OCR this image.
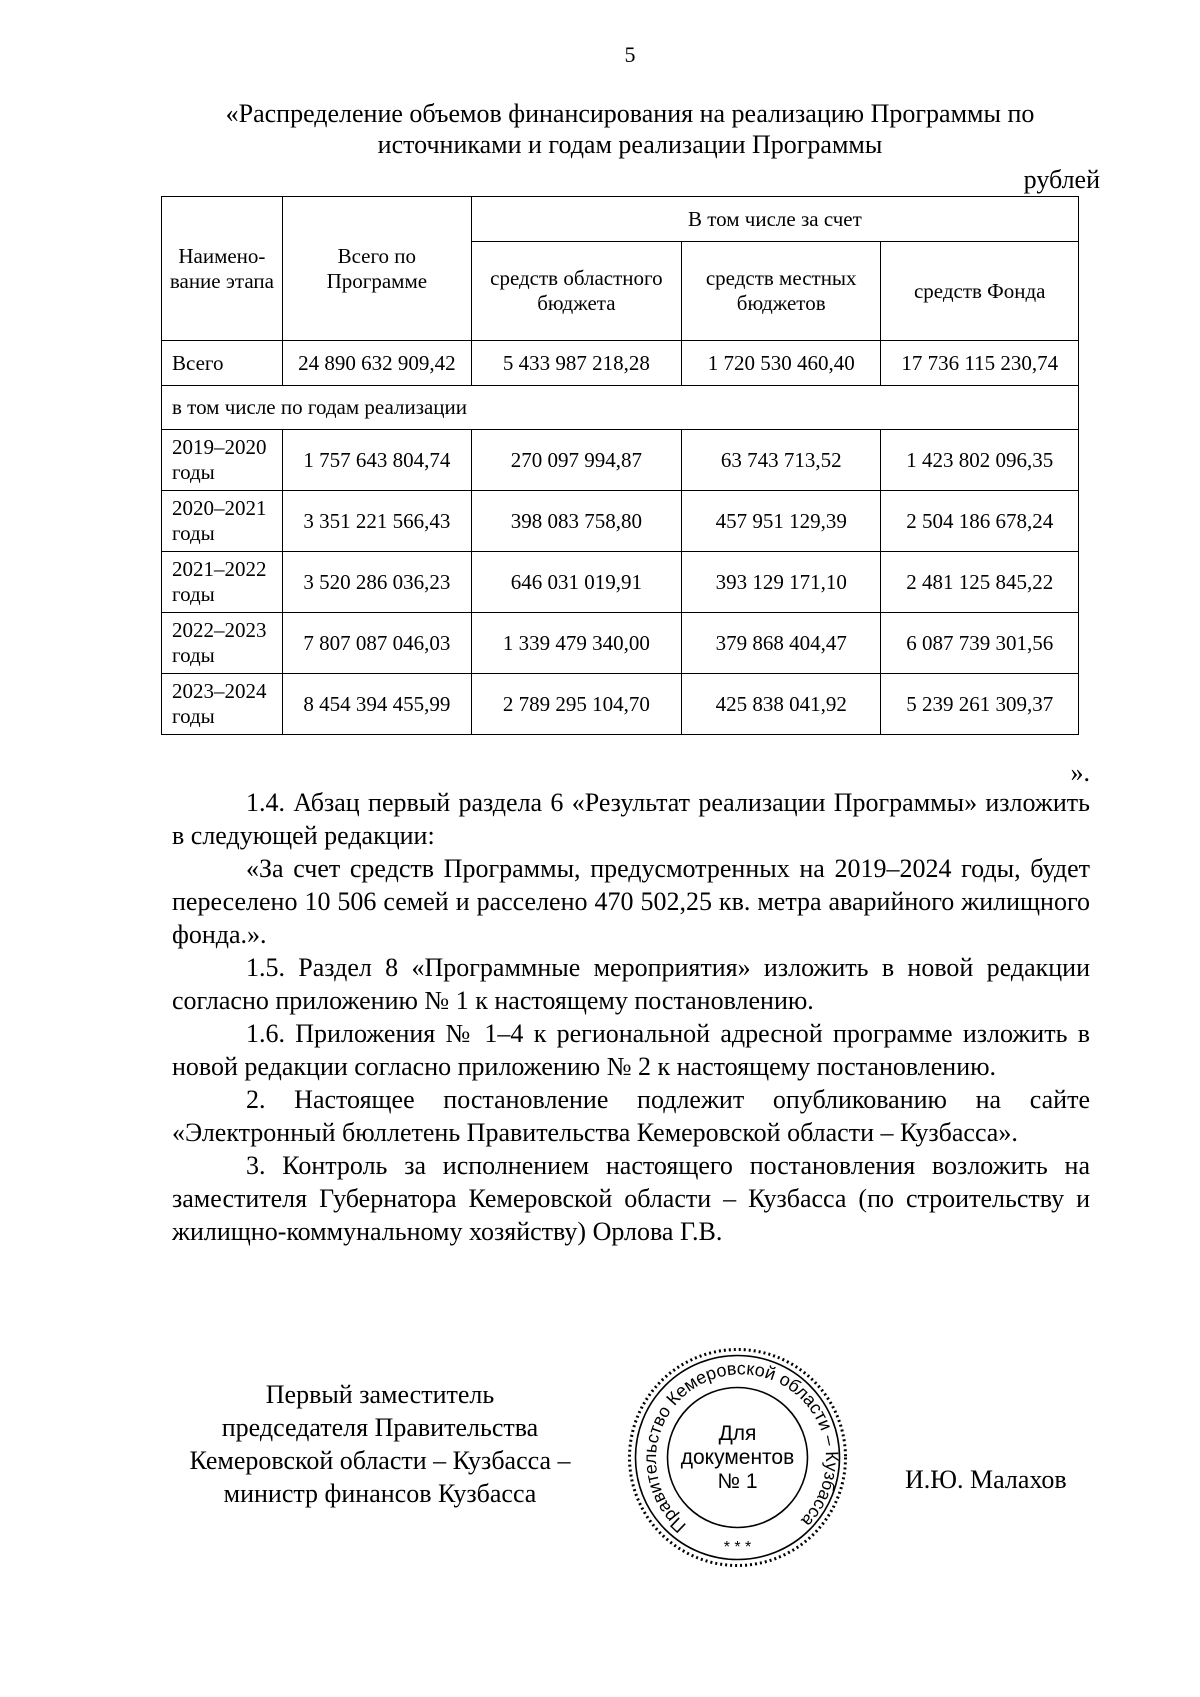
5
«Распределение объемов финансирования на реализацию Программы по
источниками и годам реализации Программы
рублей
Наимено-вание этапа	Всего по Программе	В том числе за счет		
		средств областного бюджета	средств местных бюджетов	средств Фонда
Всего	24 890 632 909,42	5 433 987 218,28	1 720 530 460,40	17 736 115 230,74
в том числе по годам реализации				
2019–2020 годы	1 757 643 804,74	270 097 994,87	63 743 713,52	1 423 802 096,35
2020–2021 годы	3 351 221 566,43	398 083 758,80	457 951 129,39	2 504 186 678,24
2021–2022 годы	3 520 286 036,23	646 031 019,91	393 129 171,10	2 481 125 845,22
2022–2023 годы	7 807 087 046,03	1 339 479 340,00	379 868 404,47	6 087 739 301,56
2023–2024 годы	8 454 394 455,99	2 789 295 104,70	425 838 041,92	5 239 261 309,37
».

1.4. Абзац первый раздела 6 «Результат реализации Программы» изложить в следующей редакции:

«За счет средств Программы, предусмотренных на 2019–2024 годы, будет переселено 10 506 семей и расселено 470 502,25 кв. метра аварийного жилищного фонда.».

1.5. Раздел 8 «Программные мероприятия» изложить в новой редакции согласно приложению № 1 к настоящему постановлению.

1.6. Приложения № 1–4 к региональной адресной программе изложить в новой редакции согласно приложению № 2 к настоящему постановлению.

2. Настоящее постановление подлежит опубликованию на сайте «Электронный бюллетень Правительства Кемеровской области – Кузбасса».

3. Контроль за исполнением настоящего постановления возложить на заместителя Губернатора Кемеровской области – Кузбасса (по строительству и жилищно-коммунальному хозяйству) Орлова Г.В.

Первый заместитель
председателя Правительства
Кемеровской области – Кузбасса –
министр финансов Кузбасса
Правительство Кемеровской области – Кузбасса
* * *
Для
документов
№ 1	И.Ю. Малахов
